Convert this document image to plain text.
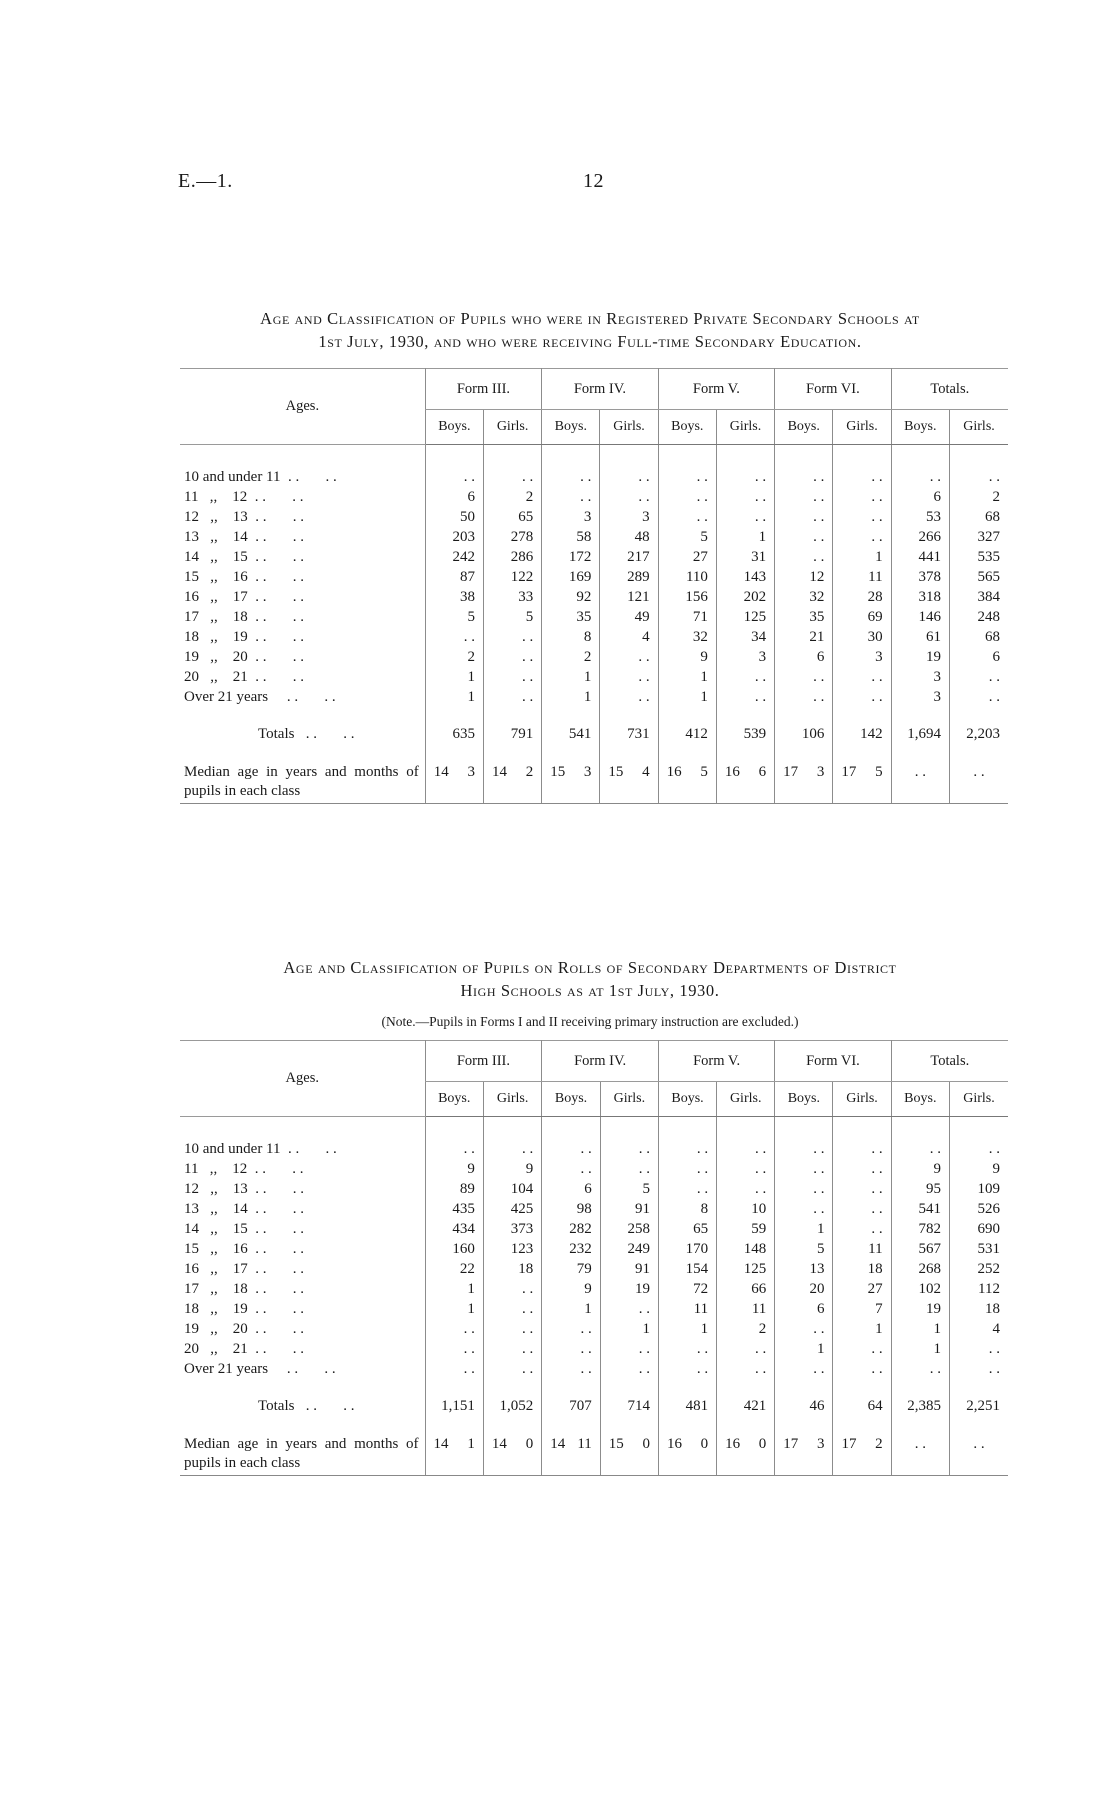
E.—1.	12
Age and Classification of Pupils who were in Registered Private Secondary Schools at
1st July, 1930, and who were receiving Full-time Secondary Education.
Ages.	Form III.		Form IV.		Form V.		Form VI.		Totals.	
	Boys.	Girls.	Boys.	Girls.	Boys.	Girls.	Boys.	Girls.	Boys.	Girls.

10 and under 11  . .       . .	. .	. .	. .	. .	. .	. .	. .	. .	. .	. .
11   ,,    12  . .       . .	6	2	. .	. .	. .	. .	. .	. .	6	2
12   ,,    13  . .       . .	50	65	3	3	. .	. .	. .	. .	53	68
13   ,,    14  . .       . .	203	278	58	48	5	1	. .	. .	266	327
14   ,,    15  . .       . .	242	286	172	217	27	31	. .	1	441	535
15   ,,    16  . .       . .	87	122	169	289	110	143	12	11	378	565
16   ,,    17  . .       . .	38	33	92	121	156	202	32	28	318	384
17   ,,    18  . .       . .	5	5	35	49	71	125	35	69	146	248
18   ,,    19  . .       . .	. .	. .	8	4	32	34	21	30	61	68
19   ,,    20  . .       . .	2	. .	2	. .	9	3	6	3	19	6
20   ,,    21  . .       . .	1	. .	1	. .	1	. .	. .	. .	3	. .
Over 21 years     . .       . .	1	. .	1	. .	1	. .	. .	. .	3	. .

Totals   . .       . .	635	791	541	731	412	539	106	142	1,694	2,203

Median age in years and months of pupils in each class	14 3	14 2	15 3	15 4	16 5	16 6	17 3	17 5	. .	. .
Age and Classification of Pupils on Rolls of Secondary Departments of District
High Schools as at 1st July, 1930.
(Note.—Pupils in Forms I and II receiving primary instruction are excluded.)
Ages.	Form III.		Form IV.		Form V.		Form VI.		Totals.	
	Boys.	Girls.	Boys.	Girls.	Boys.	Girls.	Boys.	Girls.	Boys.	Girls.

10 and under 11  . .       . .	. .	. .	. .	. .	. .	. .	. .	. .	. .	. .
11   ,,    12  . .       . .	9	9	. .	. .	. .	. .	. .	. .	9	9
12   ,,    13  . .       . .	89	104	6	5	. .	. .	. .	. .	95	109
13   ,,    14  . .       . .	435	425	98	91	8	10	. .	. .	541	526
14   ,,    15  . .       . .	434	373	282	258	65	59	1	. .	782	690
15   ,,    16  . .       . .	160	123	232	249	170	148	5	11	567	531
16   ,,    17  . .       . .	22	18	79	91	154	125	13	18	268	252
17   ,,    18  . .       . .	1	. .	9	19	72	66	20	27	102	112
18   ,,    19  . .       . .	1	. .	1	. .	11	11	6	7	19	18
19   ,,    20  . .       . .	. .	. .	. .	1	1	2	. .	1	1	4
20   ,,    21  . .       . .	. .	. .	. .	. .	. .	. .	1	. .	1	. .
Over 21 years     . .       . .	. .	. .	. .	. .	. .	. .	. .	. .	. .	. .

Totals   . .       . .	1,151	1,052	707	714	481	421	46	64	2,385	2,251

Median age in years and months of pupils in each class	14 1	14 0	14 11	15 0	16 0	16 0	17 3	17 2	. .	. .
